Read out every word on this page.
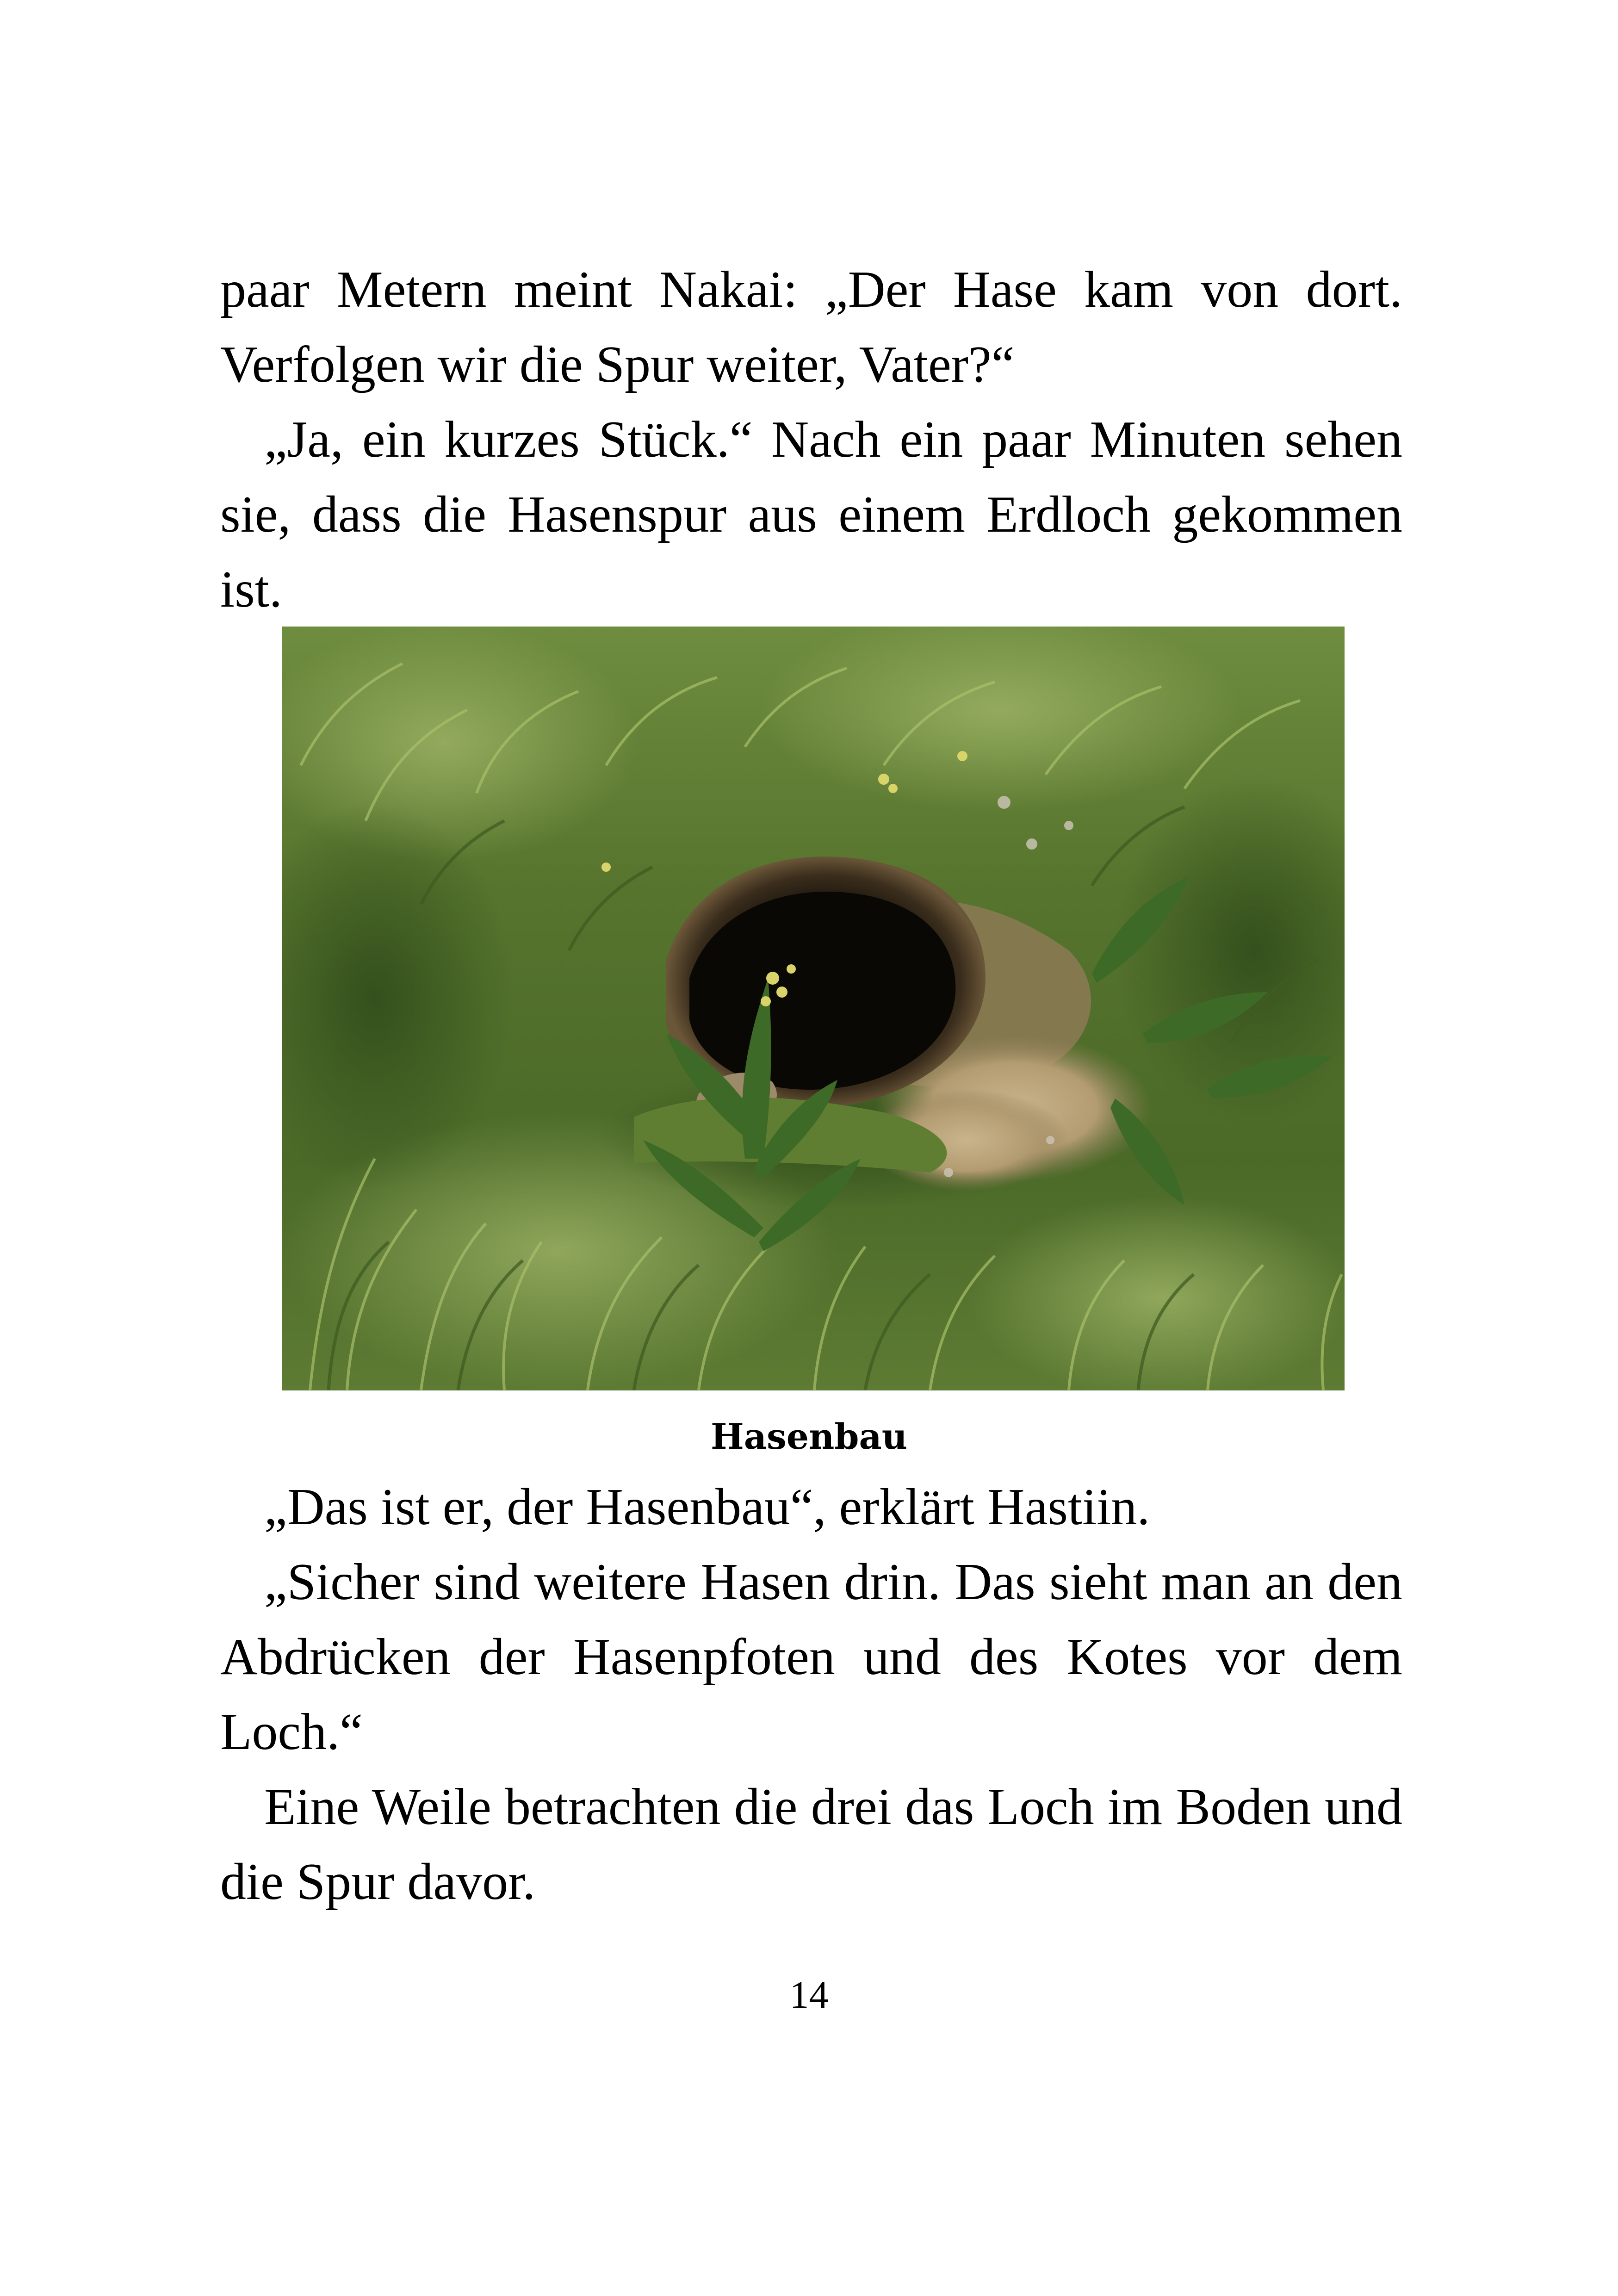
paar Metern meint Nakai: „Der Hase kam von dort. Verfolgen wir die Spur weiter, Vater?“

„Ja, ein kurzes Stück.“ Nach ein paar Minuten sehen sie, dass die Hasenspur aus einem Erdloch gekommen ist.

Hasenbau

„Das ist er, der Hasenbau“, erklärt Hastiin.

„Sicher sind weitere Hasen drin. Das sieht man an den Abdrücken der Hasenpfoten und des Kotes vor dem Loch.“

Eine Weile betrachten die drei das Loch im Boden und die Spur davor.

14
